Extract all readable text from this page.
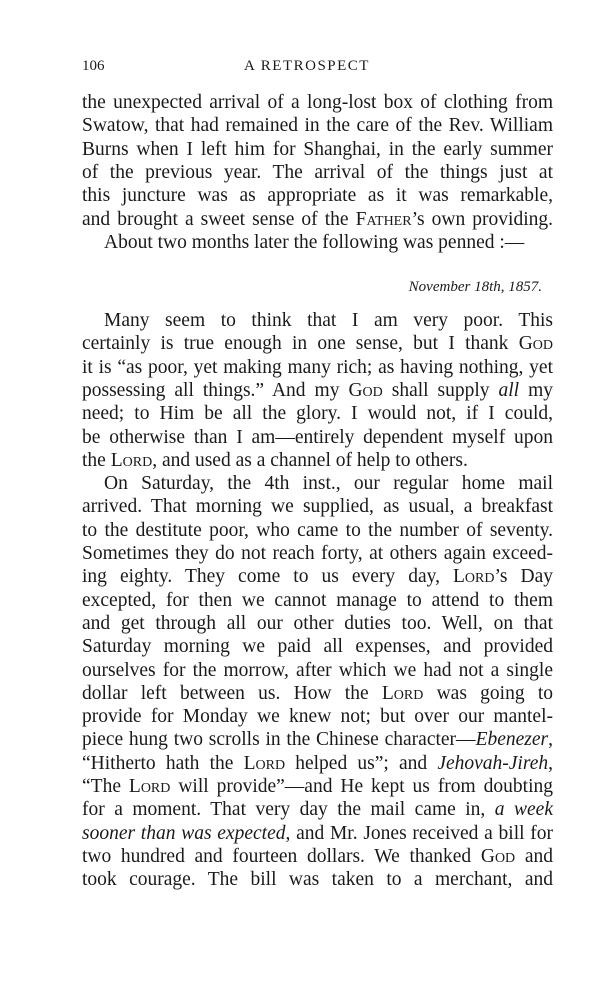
106	A RETROSPECT
November 18th, 1857.
the unexpected arrival of a long-lost box of clothing from
Swatow, that had remained in the care of the Rev. William
Burns when I left him for Shanghai, in the early summer
of the previous year. The arrival of the things just at
this juncture was as appropriate as it was remarkable,
and brought a sweet sense of the Father’s own providing.
About two months later the following was penned :—
Many seem to think that I am very poor. This
certainly is true enough in one sense, but I thank God
it is “as poor, yet making many rich; as having nothing, yet
possessing all things.” And my God shall supply all my
need; to Him be all the glory. I would not, if I could,
be otherwise than I am—entirely dependent myself upon
the Lord, and used as a channel of help to others.
On Saturday, the 4th inst., our regular home mail
arrived. That morning we supplied, as usual, a breakfast
to the destitute poor, who came to the number of seventy.
Sometimes they do not reach forty, at others again exceed-
ing eighty. They come to us every day, Lord’s Day
excepted, for then we cannot manage to attend to them
and get through all our other duties too. Well, on that
Saturday morning we paid all expenses, and provided
ourselves for the morrow, after which we had not a single
dollar left between us. How the Lord was going to
provide for Monday we knew not; but over our mantel-
piece hung two scrolls in the Chinese character—Ebenezer,
“Hitherto hath the Lord helped us”; and Jehovah-Jireh,
“The Lord will provide”—and He kept us from doubting
for a moment. That very day the mail came in, a week
sooner than was expected, and Mr. Jones received a bill for
two hundred and fourteen dollars. We thanked God and
took courage. The bill was taken to a merchant, and
